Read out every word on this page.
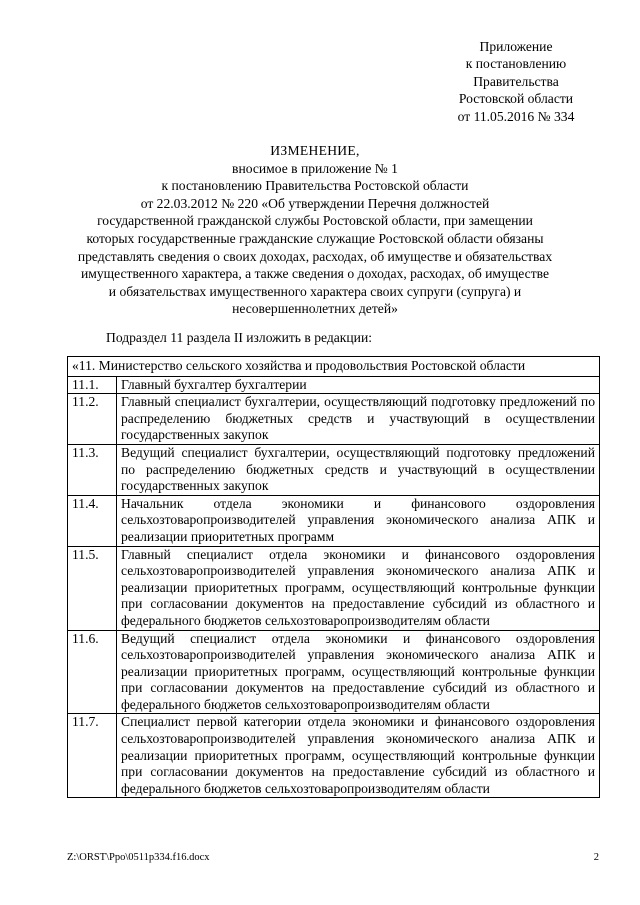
Приложение
к постановлению
Правительства
Ростовской области
от 11.05.2016 № 334
ИЗМЕНЕНИЕ,
вносимое в приложение № 1
к постановлению Правительства Ростовской области
от 22.03.2012 № 220 «Об утверждении Перечня должностей
государственной гражданской службы Ростовской области, при замещении
которых государственные гражданские служащие Ростовской области обязаны
представлять сведения о своих доходах, расходах, об имуществе и обязательствах
имущественного характера, а также сведения о доходах, расходах, об имуществе
и обязательствах имущественного характера своих супруги (супруга) и
несовершеннолетних детей»
Подраздел 11 раздела II изложить в редакции:
«11. Министерство сельского хозяйства и продовольствия Ростовской области	
11.1.	Главный бухгалтер бухгалтерии
11.2.	Главный специалист бухгалтерии, осуществляющий подготовку предложений по распределению бюджетных средств и участвующий в осуществлении государственных закупок
11.3.	Ведущий специалист бухгалтерии, осуществляющий подготовку предложений по распределению бюджетных средств и участвующий в осуществлении государственных закупок
11.4.	Начальник отдела экономики и финансового оздоровления сельхозтоваропроизводителей управления экономического анализа АПК и реализации приоритетных программ
11.5.	Главный специалист отдела экономики и финансового оздоровления сельхозтоваропроизводителей управления экономического анализа АПК и реализации приоритетных программ, осуществляющий контрольные функции при согласовании документов на предоставление субсидий из областного и федерального бюджетов сельхозтоваропроизводителям области
11.6.	Ведущий специалист отдела экономики и финансового оздоровления сельхозтоваропроизводителей управления экономического анализа АПК и реализации приоритетных программ, осуществляющий контрольные функции при согласовании документов на предоставление субсидий из областного и федерального бюджетов сельхозтоваропроизводителям области
11.7.	Специалист первой категории отдела экономики и финансового оздоровления сельхозтоваропроизводителей управления экономического анализа АПК и реализации приоритетных программ, осуществляющий контрольные функции при согласовании документов на предоставление субсидий из областного и федерального бюджетов сельхозтоваропроизводителям области
Z:\ORST\Ppo\0511p334.f16.docx	2
